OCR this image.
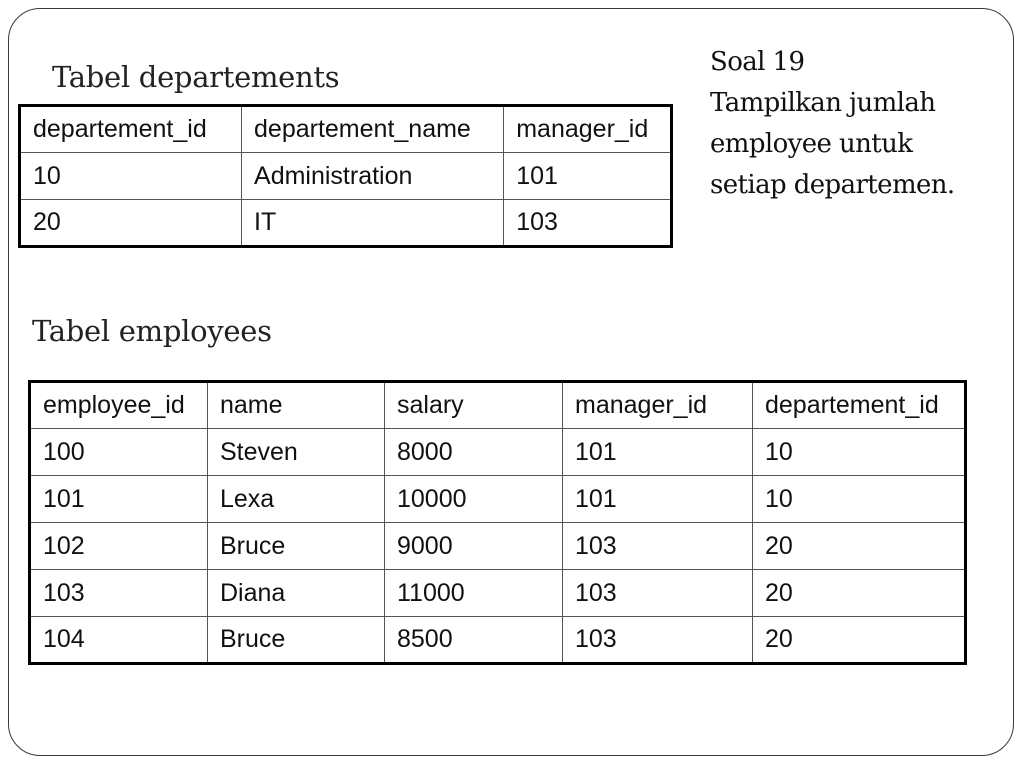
Tabel departements
departement_id	departement_name	manager_id
10	Administration	101
20	IT	103
Soal 19
Tampilkan jumlah
employee untuk
setiap departemen.
Tabel employees
employee_id	name	salary	manager_id	departement_id
100	Steven	8000	101	10
101	Lexa	10000	101	10
102	Bruce	9000	103	20
103	Diana	11000	103	20
104	Bruce	8500	103	20
